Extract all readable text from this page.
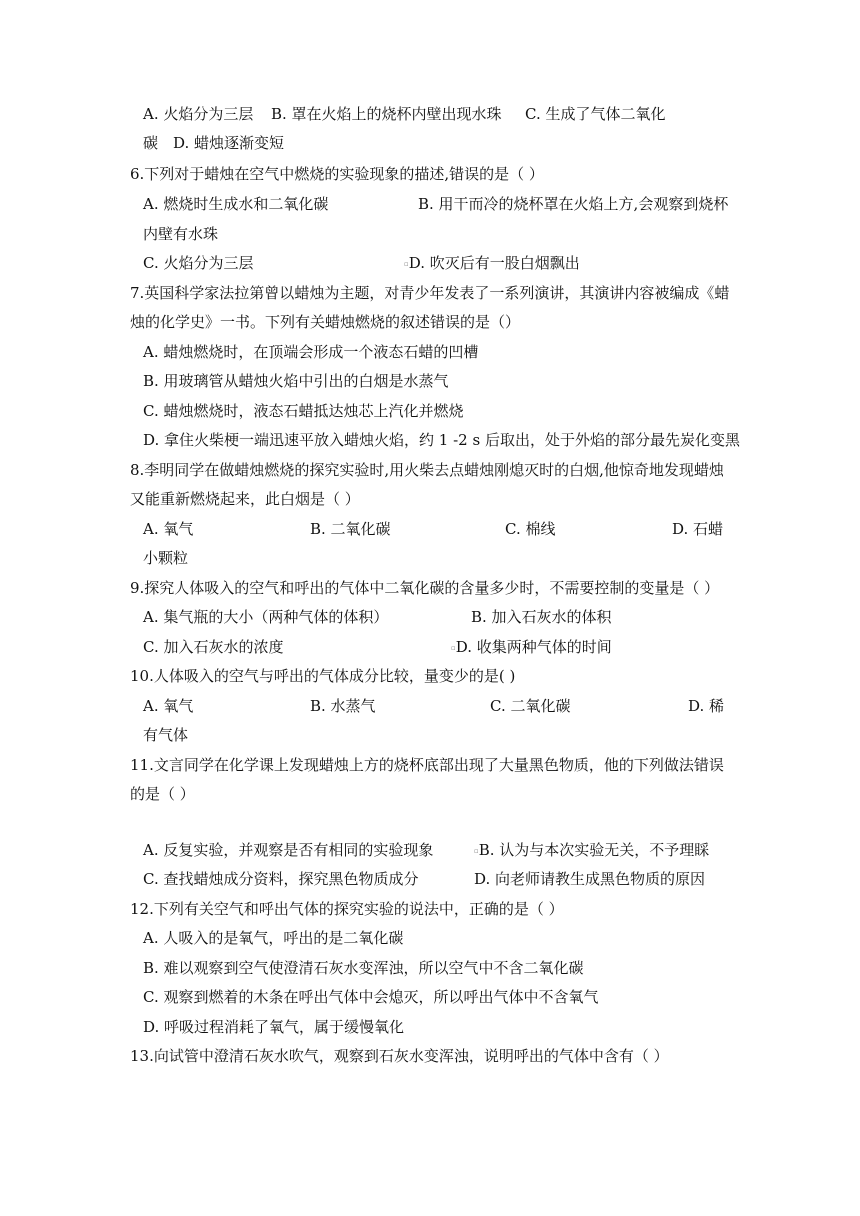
A. 火焰分为三层 B. 罩在火焰上的烧杯内壁出现水珠 C. 生成了气体二氧化
碳 D. 蜡烛逐渐变短
6.下列对于蜡烛在空气中燃烧的实验现象的描述,错误的是（ ）
A. 燃烧时生成水和二氧化碳	B. 用干而冷的烧杯罩在火焰上方,会观察到烧杯
内壁有水珠
C. 火焰分为三层	▫D. 吹灭后有一股白烟飘出
7.英国科学家法拉第曾以蜡烛为主题，对青少年发表了一系列演讲，其演讲内容被编成《蜡
烛的化学史》一书。下列有关蜡烛燃烧的叙述错误的是（）
A. 蜡烛燃烧时，在顶端会形成一个液态石蜡的凹槽
B. 用玻璃管从蜡烛火焰中引出的白烟是水蒸气
C. 蜡烛燃烧时，液态石蜡抵达烛芯上汽化并燃烧
D. 拿住火柴梗一端迅速平放入蜡烛火焰，约 1 -2 s 后取出，处于外焰的部分最先炭化变黑
8.李明同学在做蜡烛燃烧的探究实验时,用火柴去点蜡烛刚熄灭时的白烟,他惊奇地发现蜡烛
又能重新燃烧起来，此白烟是（ ）
A. 氧气	B. 二氧化碳	C. 棉线	D. 石蜡
小颗粒
9.探究人体吸入的空气和呼出的气体中二氧化碳的含量多少时，不需要控制的变量是（ ）
A. 集气瓶的大小（两种气体的体积）	B. 加入石灰水的体积
C. 加入石灰水的浓度	▫D. 收集两种气体的时间
10.人体吸入的空气与呼出的气体成分比较，量变少的是( )
A. 氧气	B. 水蒸气	C. 二氧化碳	D. 稀
有气体
11.文言同学在化学课上发现蜡烛上方的烧杯底部出现了大量黑色物质，他的下列做法错误
的是（ ）
A. 反复实验，并观察是否有相同的实验现象	▫B. 认为与本次实验无关，不予理睬
C. 查找蜡烛成分资料，探究黑色物质成分	D. 向老师请教生成黑色物质的原因
12.下列有关空气和呼出气体的探究实验的说法中，正确的是（ ）
A. 人吸入的是氧气，呼出的是二氧化碳
B. 难以观察到空气使澄清石灰水变浑浊，所以空气中不含二氧化碳
C. 观察到燃着的木条在呼出气体中会熄灭，所以呼出气体中不含氧气
D. 呼吸过程消耗了氧气，属于缓慢氧化
13.向试管中澄清石灰水吹气，观察到石灰水变浑浊，说明呼出的气体中含有（ ）
